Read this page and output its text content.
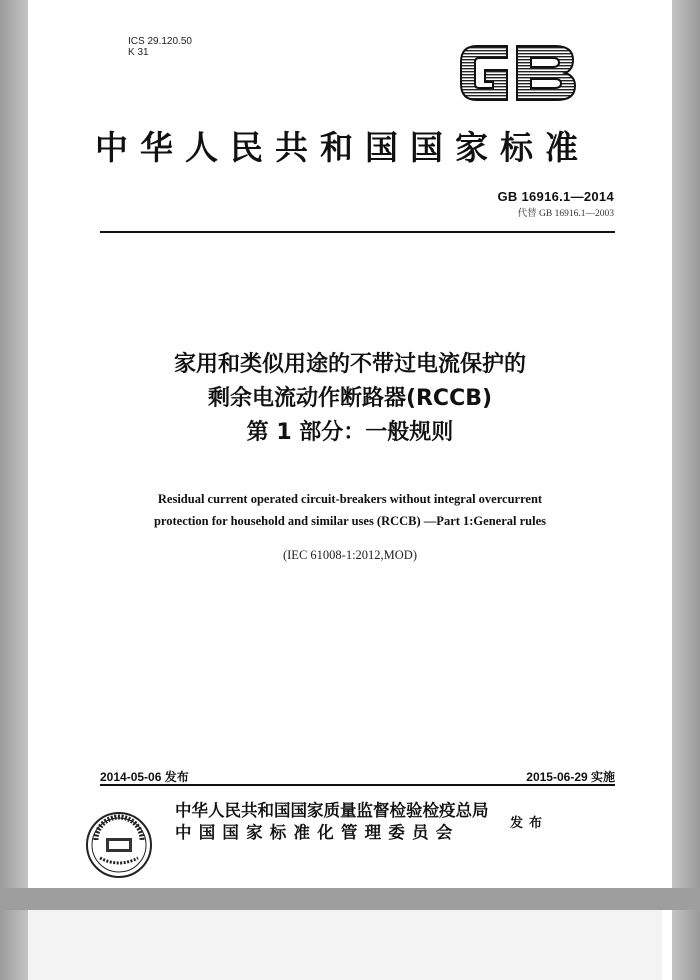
ICS 29.120.50
K 31
中华人民共和国国家标准
GB 16916.1—2014
代替 GB 16916.1—2003
家用和类似用途的不带过电流保护的
剩余电流动作断路器(RCCB)
第 1 部分：一般规则
Residual current operated circuit-breakers without integral overcurrent
protection for household and similar uses (RCCB) —Part 1:General rules
(IEC 61008-1:2012,MOD)
2014-05-06 发布	2015-06-29 实施
中华人民共和国国家质量监督检验检疫总局
中国国家标准化管理委员会	发布
